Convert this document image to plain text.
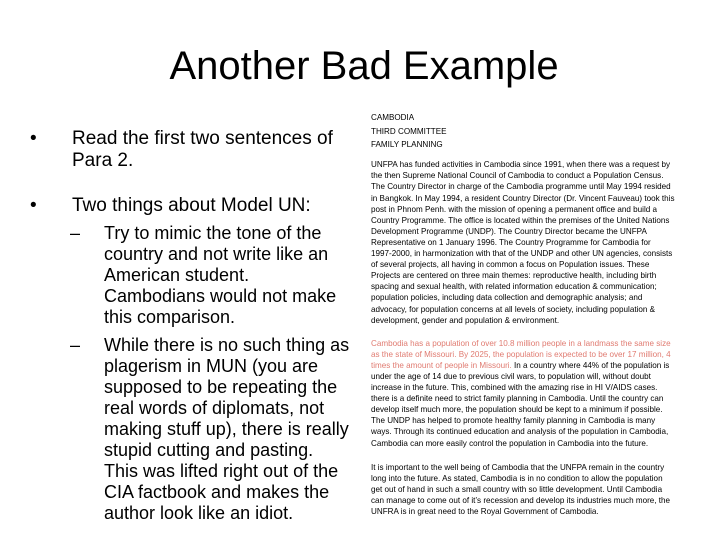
Another Bad Example
• Read the first two sentences of
Para 2.
• Two things about Model UN:
– Try to mimic the tone of the
country and not write like an
American student.
Cambodians would not make
this comparison.
– While there is no such thing as
plagerism in MUN (you are
supposed to be repeating the
real words of diplomats, not
making stuff up), there is really
stupid cutting and pasting.
This was lifted right out of the
CIA factbook and makes the
author look like an idiot.
CAMBODIA
THIRD COMMITTEE
FAMILY PLANNING
UNFPA has funded activities in Cambodia since 1991, when there was a request by
the then Supreme National Council of Cambodia to conduct a Population Census.
The Country Director in charge of the Cambodia programme until May 1994 resided
in Bangkok. In May 1994, a resident Country Director (Dr. Vincent Fauveau) took this
post in Phnom Penh. with the mission of opening a permanent office and build a
Country Programme. The office is located within the premises of the United Nations
Development Programme (UNDP). The Country Director became the UNFPA
Representative on 1 January 1996. The Country Programme for Cambodia for
1997-2000, in harmonization with that of the UNDP and other UN agencies, consists
of several projects, all having in common a focus on Population issues. These
Projects are centered on three main themes: reproductive health, including birth
spacing and sexual health, with related information education & communication;
population policies, including data collection and demographic analysis; and
advocacy, for population concerns at all levels of society, including population &
development, gender and population & environment.
Cambodia has a population of over 10.8 million people in a landmass the same size
as the state of Missouri. By 2025, the population is expected to be over 17 million, 4
times the amount of people in Missouri. In a country where 44% of the population is
under the age of 14 due to previous civil wars, to population will, without doubt
increase in the future. This, combined with the amazing rise in HI V/AIDS cases.
there is a definite need to strict family planning in Cambodia. Until the country can
develop itself much more, the population should be kept to a minimum if possible.
The UNDP has helped to promote healthy family planning in Cambodia is many
ways. Through its continued education and analysis of the population in Cambodia,
Cambodia can more easily control the population in Cambodia into the future.
It is important to the well being of Cambodia that the UNFPA remain in the country
long into the future. As stated, Cambodia is in no condition to allow the population
get out of hand in such a small country with so little development. Until Cambodia
can manage to come out of it’s recession and develop its industries much more, the
UNFRA is in great need to the Royal Government of Cambodia.
